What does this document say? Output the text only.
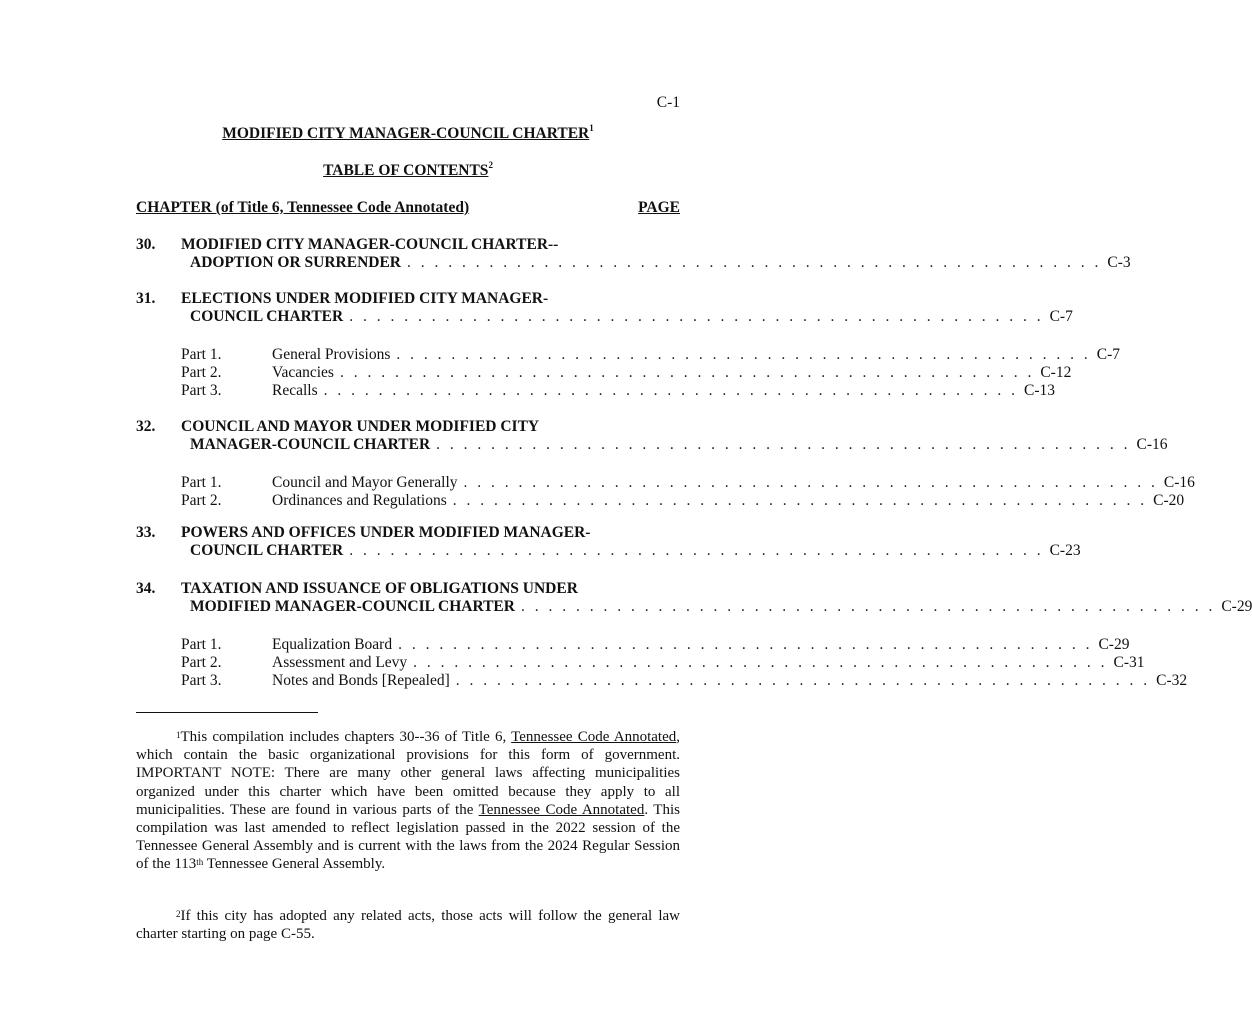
C-1
MODIFIED CITY MANAGER-COUNCIL CHARTER$^1$
TABLE OF CONTENTS$^2$
CHAPTER (of Title 6, Tennessee Code Annotated)	PAGE
30. MODIFIED CITY MANAGER-COUNCIL CHARTER--
ADOPTION OR SURRENDER . . . . . . . . . . . . . . . . . . . . . . . . . . . . . . . . . . . . . . . . . . . . . . . . . . . C-3
31. ELECTIONS UNDER MODIFIED CITY MANAGER-
COUNCIL CHARTER . . . . . . . . . . . . . . . . . . . . . . . . . . . . . . . . . . . . . . . . . . . . . . . . . . . C-7
Part 1.	General Provisions . . . . . . . . . . . . . . . . . . . . . . . . . . . . . . . . . . . . . . . . . . . . . . . . . . . C-7
Part 2.	Vacancies . . . . . . . . . . . . . . . . . . . . . . . . . . . . . . . . . . . . . . . . . . . . . . . . . . . C-12
Part 3.	Recalls . . . . . . . . . . . . . . . . . . . . . . . . . . . . . . . . . . . . . . . . . . . . . . . . . . . C-13
32. COUNCIL AND MAYOR UNDER MODIFIED CITY
MANAGER-COUNCIL CHARTER . . . . . . . . . . . . . . . . . . . . . . . . . . . . . . . . . . . . . . . . . . . . . . . . . . . C-16
Part 1.	Council and Mayor Generally . . . . . . . . . . . . . . . . . . . . . . . . . . . . . . . . . . . . . . . . . . . . . . . . . . . C-16
Part 2.	Ordinances and Regulations . . . . . . . . . . . . . . . . . . . . . . . . . . . . . . . . . . . . . . . . . . . . . . . . . . . C-20
33. POWERS AND OFFICES UNDER MODIFIED MANAGER-
COUNCIL CHARTER . . . . . . . . . . . . . . . . . . . . . . . . . . . . . . . . . . . . . . . . . . . . . . . . . . . C-23
34. TAXATION AND ISSUANCE OF OBLIGATIONS UNDER
MODIFIED MANAGER-COUNCIL CHARTER . . . . . . . . . . . . . . . . . . . . . . . . . . . . . . . . . . . . . . . . . . . . . . . . . . . C-29
Part 1.	Equalization Board . . . . . . . . . . . . . . . . . . . . . . . . . . . . . . . . . . . . . . . . . . . . . . . . . . . C-29
Part 2.	Assessment and Levy . . . . . . . . . . . . . . . . . . . . . . . . . . . . . . . . . . . . . . . . . . . . . . . . . . . C-31
Part 3.	Notes and Bonds [Repealed] . . . . . . . . . . . . . . . . . . . . . . . . . . . . . . . . . . . . . . . . . . . . . . . . . . . C-32

$^1$This compilation includes chapters 30--36 of Title 6, Tennessee Code Annotated, which contain the basic organizational provisions for this form of government. IMPORTANT NOTE: There are many other general laws affecting municipalities organized under this charter which have been omitted because they apply to all municipalities. These are found in various parts of the Tennessee Code Annotated. This compilation was last amended to reflect legislation passed in the 2022 session of the Tennessee General Assembly and is current with the laws from the 2024 Regular Session of the 113th Tennessee General Assembly.

$^2$If this city has adopted any related acts, those acts will follow the general law charter starting on page C-55.
